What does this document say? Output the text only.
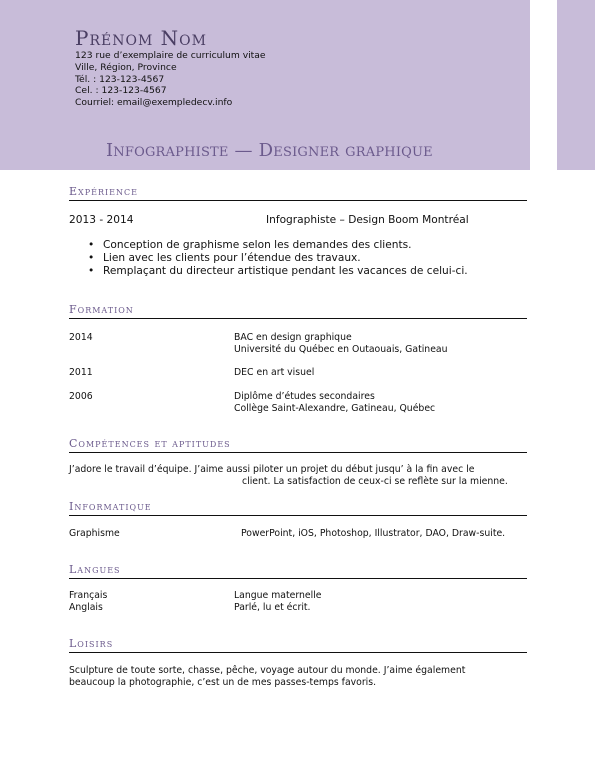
Prénom Nom
123 rue d’exemplaire de curriculum vitae
Ville, Région, Province
Tél. : 123-123-4567
Cel. : 123-123-4567
Courriel: email@exempledecv.info
Infographiste — Designer graphique
Expérience
2013 - 2014	Infographiste – Design Boom Montréal
• Conception de graphisme selon les demandes des clients.
• Lien avec les clients pour l’étendue des travaux.
• Remplaçant du directeur artistique pendant les vacances de celui-ci.
Formation
2014	BAC en design graphique
Université du Québec en Outaouais, Gatineau
2011	DEC en art visuel
2006	Diplôme d’études secondaires
Collège Saint-Alexandre, Gatineau, Québec
Compétences et aptitudes
J’adore le travail d’équipe. J’aime aussi piloter un projet du début jusqu’ à la fin avec le
client. La satisfaction de ceux-ci se reflète sur la mienne.
Informatique
Graphisme	PowerPoint, iOS, Photoshop, Illustrator, DAO, Draw-suite.
Langues
Français	Langue maternelle
Anglais	Parlé, lu et écrit.
Loisirs
Sculpture de toute sorte, chasse, pêche, voyage autour du monde. J’aime également
beaucoup la photographie, c’est un de mes passes-temps favoris.
